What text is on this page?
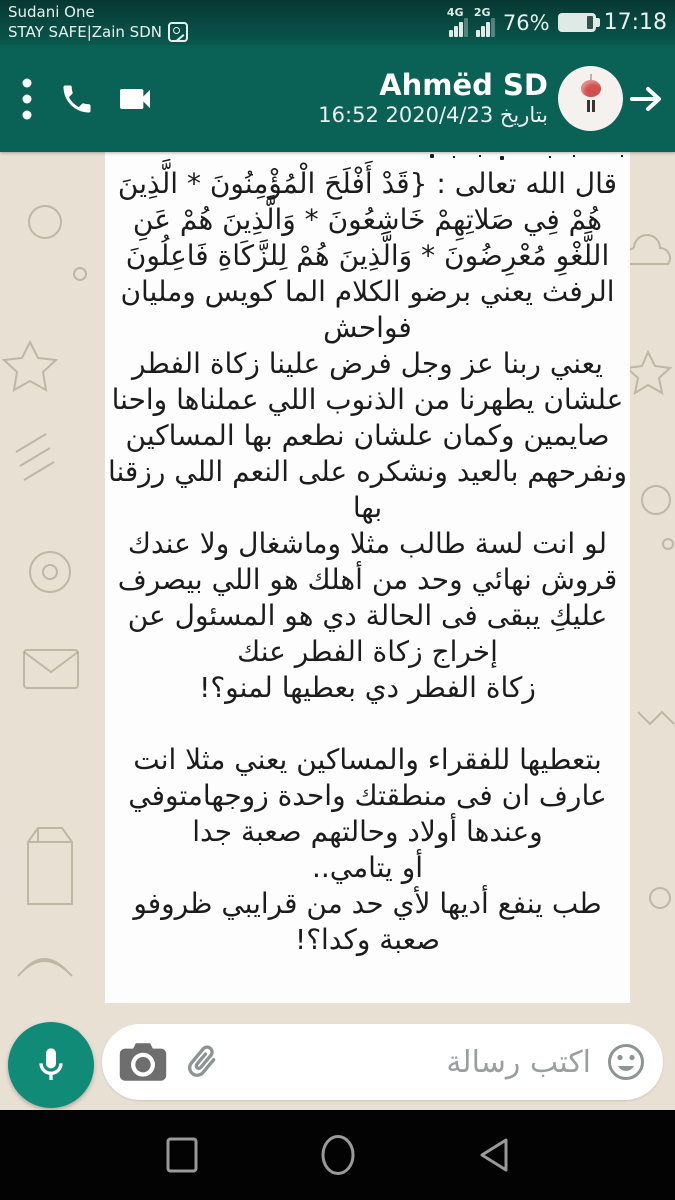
Sudani One
STAY SAFE|Zain SDN
4G 2G 76% 17:18
Ahmëd SD
بتاريخ 2020/4/23 16:52
قال الله تعالى : {قَدْ أَفْلَحَ الْمُؤْمِنُونَ * الَّذِينَ
هُمْ فِي صَلاتِهِمْ خَاشِعُونَ * وَالَّذِينَ هُمْ عَنِ
اللَّغْوِ مُعْرِضُونَ * وَالَّذِينَ هُمْ لِلزَّكَاةِ فَاعِلُونَ
الرفث يعني برضو الكلام الما كويس ومليان
فواحش
يعني ربنا عز وجل فرض علينا زكاة الفطر
علشان يطهرنا من الذنوب اللي عملناها واحنا
صايمين وكمان علشان نطعم بها المساكين
ونفرحهم بالعيد ونشكره على النعم اللي رزقنا
بها
لو انت لسة طالب مثلا وماشغال ولا عندك
قروش نهائي وحد من أهلك هو اللي بيصرف
عليكِ يبقى فى الحالة دي هو المسئول عن
إخراج زكاة الفطر عنك
زكاة الفطر دي بعطيها لمنو؟!

بتعطيها للفقراء والمساكين يعني مثلا انت
عارف ان فى منطقتك واحدة زوجهامتوفي
وعندها أولاد وحالتهم صعبة جدا
أو يتامي..
طب ينفع أديها لأي حد من قرايبي ظروفو
صعبة وكدا؟!
اكتب رسالة
